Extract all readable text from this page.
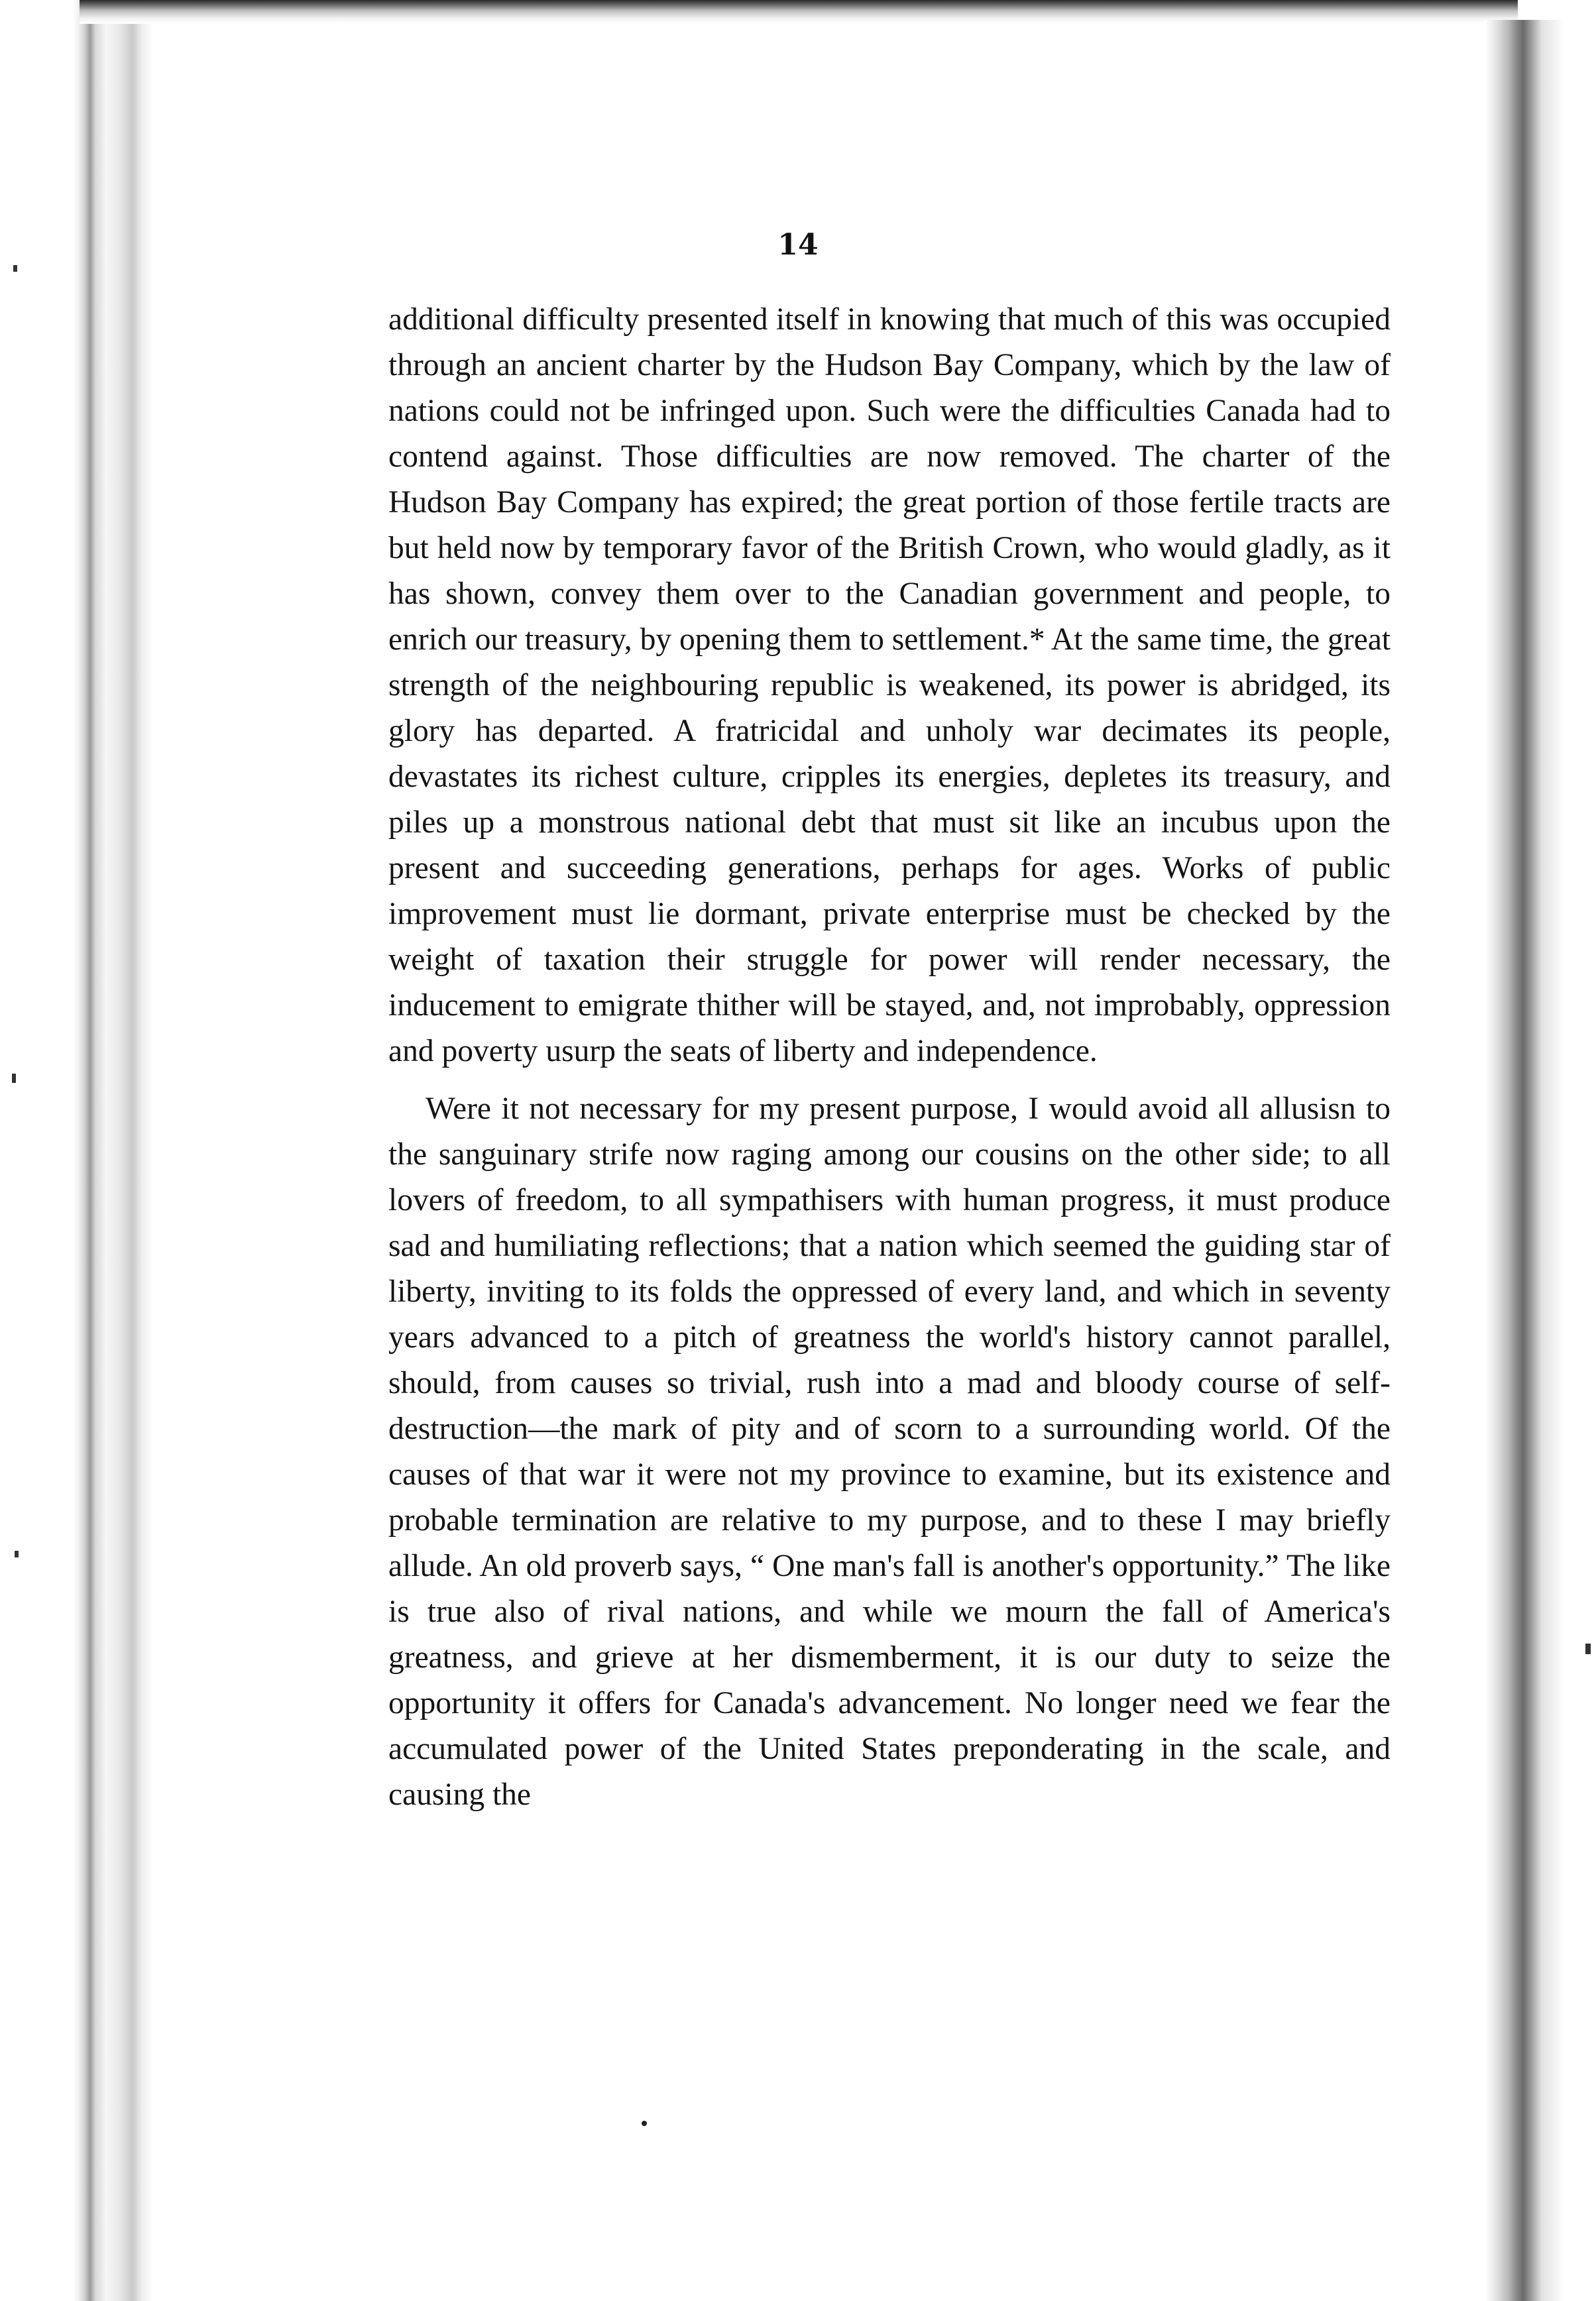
14

additional difficulty presented itself in knowing that much of this was occupied through an ancient charter by the Hudson Bay Company, which by the law of nations could not be infringed upon. Such were the difficulties Canada had to contend against. Those difficulties are now removed. The charter of the Hudson Bay Company has expired; the great portion of those fertile tracts are but held now by temporary favor of the British Crown, who would gladly, as it has shown, convey them over to the Canadian government and people, to enrich our treasury, by opening them to settlement.* At the same time, the great strength of the neighbouring republic is weakened, its power is abridged, its glory has departed. A fratricidal and unholy war decimates its people, devastates its richest culture, cripples its energies, depletes its treasury, and piles up a monstrous national debt that must sit like an incubus upon the present and succeeding generations, perhaps for ages. Works of public improvement must lie dormant, private enterprise must be checked by the weight of taxation their struggle for power will render necessary, the inducement to emigrate thither will be stayed, and, not improbably, oppression and poverty usurp the seats of liberty and independence.

Were it not necessary for my present purpose, I would avoid all allusisn to the sanguinary strife now raging among our cousins on the other side; to all lovers of freedom, to all sympathisers with human progress, it must produce sad and humiliating reflections; that a nation which seemed the guiding star of liberty, inviting to its folds the oppressed of every land, and which in seventy years advanced to a pitch of greatness the world's history cannot parallel, should, from causes so trivial, rush into a mad and bloody course of self-destruction—the mark of pity and of scorn to a surrounding world. Of the causes of that war it were not my province to examine, but its existence and probable termination are relative to my purpose, and to these I may briefly allude. An old proverb says, “ One man's fall is another's opportunity.” The like is true also of rival nations, and while we mourn the fall of America's greatness, and grieve at her dismemberment, it is our duty to seize the opportunity it offers for Canada's advancement. No longer need we fear the accumulated power of the United States preponderating in the scale, and causing the
